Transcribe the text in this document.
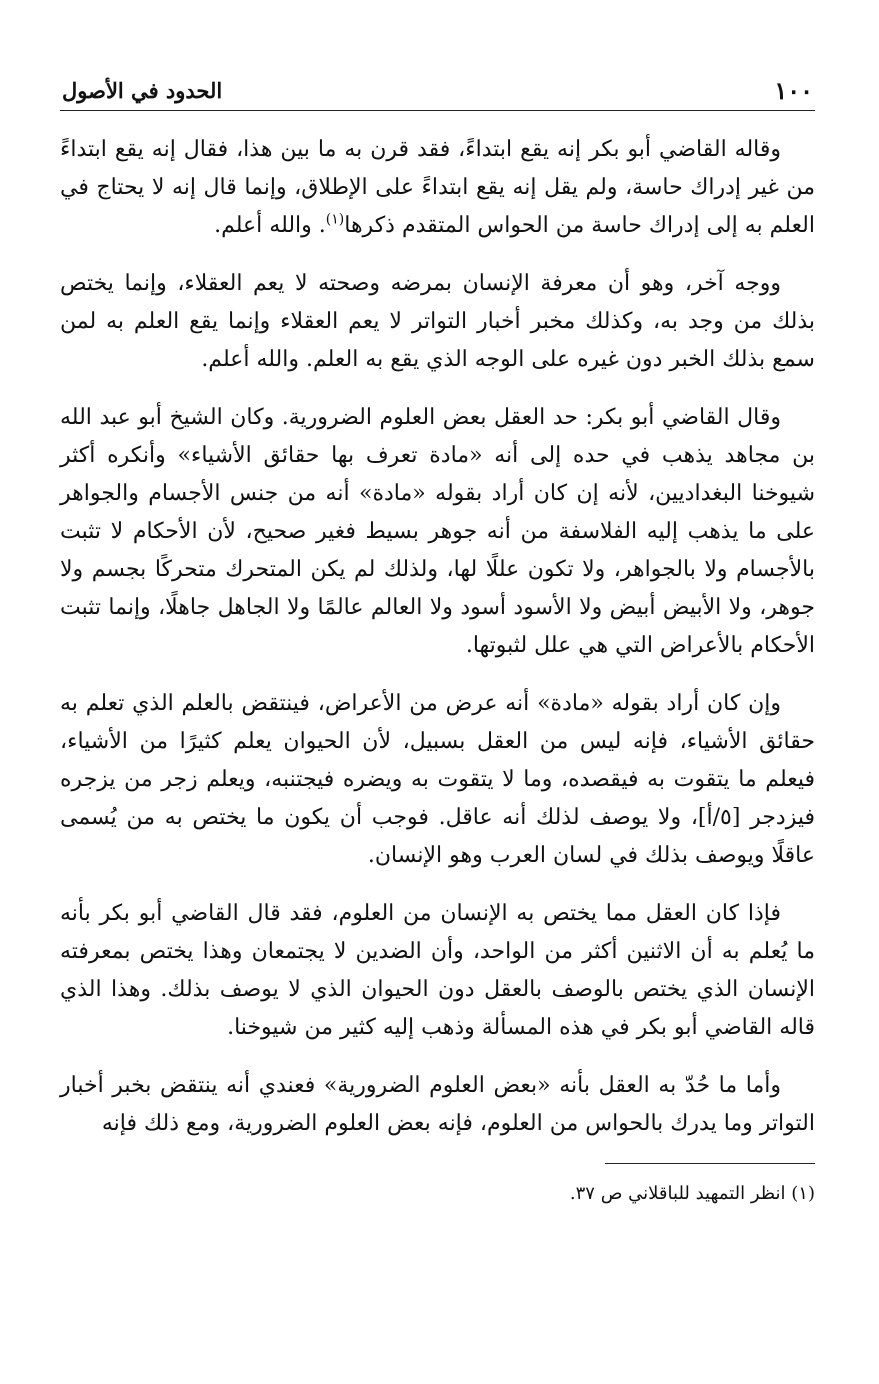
١٠٠
الحدود في الأصول

وقاله القاضي أبو بكر إنه يقع ابتداءً، فقد قرن به ما بين هذا، فقال إنه يقع ابتداءً من غير إدراك حاسة، ولم يقل إنه يقع ابتداءً على الإطلاق، وإنما قال إنه لا يحتاج في العلم به إلى إدراك حاسة من الحواس المتقدم ذكرها$^{(١)}$. والله أعلم.

ووجه آخر، وهو أن معرفة الإنسان بمرضه وصحته لا يعم العقلاء، وإنما يختص بذلك من وجد به، وكذلك مخبر أخبار التواتر لا يعم العقلاء وإنما يقع العلم به لمن سمع بذلك الخبر دون غيره على الوجه الذي يقع به العلم. والله أعلم.

وقال القاضي أبو بكر: حد العقل بعض العلوم الضرورية. وكان الشيخ أبو عبد الله بن مجاهد يذهب في حده إلى أنه «مادة تعرف بها حقائق الأشياء» وأنكره أكثر شيوخنا البغداديين، لأنه إن كان أراد بقوله «مادة» أنه من جنس الأجسام والجواهر على ما يذهب إليه الفلاسفة من أنه جوهر بسيط فغير صحيح، لأن الأحكام لا تثبت بالأجسام ولا بالجواهر، ولا تكون عللًا لها، ولذلك لم يكن المتحرك متحركًا بجسم ولا جوهر، ولا الأبيض أبيض ولا الأسود أسود ولا العالم عالمًا ولا الجاهل جاهلًا، وإنما تثبت الأحكام بالأعراض التي هي علل لثبوتها.

وإن كان أراد بقوله «مادة» أنه عرض من الأعراض، فينتقض بالعلم الذي تعلم به حقائق الأشياء، فإنه ليس من العقل بسبيل، لأن الحيوان يعلم كثيرًا من الأشياء، فيعلم ما يتقوت به فيقصده، وما لا يتقوت به ويضره فيجتنبه، ويعلم زجر من يزجره فيزدجر [٥/أ]، ولا يوصف لذلك أنه عاقل. فوجب أن يكون ما يختص به من يُسمى عاقلًا ويوصف بذلك في لسان العرب وهو الإنسان.

فإذا كان العقل مما يختص به الإنسان من العلوم، فقد قال القاضي أبو بكر بأنه ما يُعلم به أن الاثنين أكثر من الواحد، وأن الضدين لا يجتمعان وهذا يختص بمعرفته الإنسان الذي يختص بالوصف بالعقل دون الحيوان الذي لا يوصف بذلك. وهذا الذي قاله القاضي أبو بكر في هذه المسألة وذهب إليه كثير من شيوخنا.

وأما ما حُدّ به العقل بأنه «بعض العلوم الضرورية» فعندي أنه ينتقض بخبر أخبار التواتر وما يدرك بالحواس من العلوم، فإنه بعض العلوم الضرورية، ومع ذلك فإنه

(١) انظر التمهيد للباقلاني ص ٣٧.
